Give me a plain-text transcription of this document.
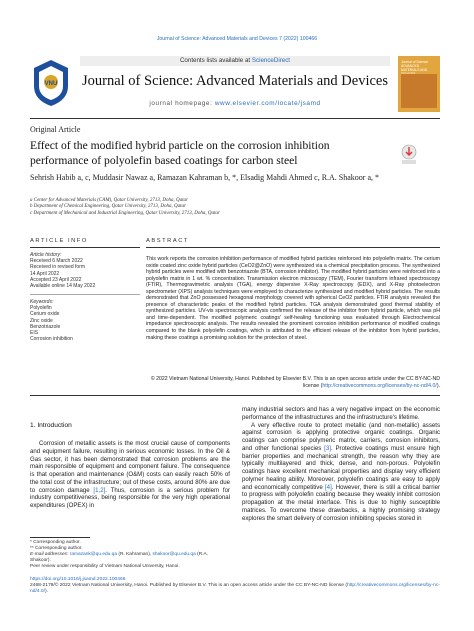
Journal of Science: Advanced Materials and Devices 7 (2022) 100466
VNU
Contents lists available at ScienceDirect
Journal of Science: Advanced Materials and Devices
journal homepage: www.elsevier.com/locate/jsamd
Journal of Science ADVANCED MATERIALS AND
Original Article
Effect of the modified hybrid particle on the corrosion inhibition performance of polyolefin based coatings for carbon steel
Sehrish Habib a, c, Muddasir Nawaz a, Ramazan Kahraman b, *, Elsadig Mahdi Ahmed c, R.A. Shakoor a, *
a Center for Advanced Materials (CAM), Qatar University, 2713, Doha, Qatar
b Department of Chemical Engineering, Qatar University, 2713, Doha, Qatar
c Department of Mechanical and Industrial Engineering, Qatar University, 2713, Doha, Qatar
ARTICLE INFO
Article history:
Received 6 March 2022
Received in revised form
14 April 2022
Accepted 23 April 2022
Available online 14 May 2022
Keywords:
Polyolefin
Cerium oxide
Zinc oxide
Benzotriazole
EIS
Corrosion inhibition
ABSTRACT
This work reports the corrosion inhibition performance of modified hybrid particles reinforced into polyolefin matrix. The cerium oxide coated zinc oxide hybrid particles (CeO2@ZnO) were synthesized via a chemical precipitation process. The synthesized hybrid particles were modified with benzotriazole (BTA, corrosion inhibitor). The modified hybrid particles were reinforced into a polyolefin matrix in 1 wt. % concentration. Transmission electron microscopy (TEM), Fourier transform infrared spectroscopy (FTIR), Thermogravimetric analysis (TGA), energy dispersive X-Ray spectroscopy (EDX), and X-Ray photoelectron spectrometer (XPS) analysis techniques were employed to characterize synthesized and modified hybrid particles. The results demonstrated that ZnO possessed hexagonal morphology covered with spherical CeO2 particles. FTIR analysis revealed the presence of characteristic peaks of the modified hybrid particles. TGA analysis demonstrated good thermal stability of synthesized particles. UV-vis spectroscopic analysis confirmed the release of the inhibitor from hybrid particle, which was pH and time-dependent. The modified polymeric coatings' self-healing functioning was evaluated through Electrochemical impedance spectroscopic analysis. The results revealed the prominent corrosion inhibition performance of modified coatings compared to the blank polyolefin coatings, which is attributed to the efficient release of the inhibitor from hybrid particles, making these coatings a promising solution for the protection of steel.
© 2022 Vietnam National University, Hanoi. Published by Elsevier B.V. This is an open access article under the CC BY-NC-ND license (http://creativecommons.org/licenses/by-nc-nd/4.0/).
1. Introduction

Corrosion of metallic assets is the most crucial cause of components and equipment failure, resulting in serious economic losses. In the Oil & Gas sector, it has been demonstrated that corrosion problems are the main responsible of equipment and component failure. The consequence is that operation and maintenance (O&M) costs can easily reach 50% of the total cost of the infrastructure; out of these costs, around 80% are due to corrosion damage [1,2]. Thus, corrosion is a serious problem for industry competitiveness, being responsible for the very high operational expenditures (OPEX) in

many industrial sectors and has a very negative impact on the economic performance of the infrastructures and the infrastructure's lifetime.

A very effective route to protect metallic (and non-metallic) assets against corrosion is applying protective organic coatings. Organic coatings can comprise polymeric matrix, carriers, corrosion inhibitors, and other functional species [3]. Protective coatings must ensure high barrier properties and mechanical strength, the reason why they are typically multilayered and thick, dense, and non-porous. Polyolefin coatings have excellent mechanical properties and display very efficient polymer healing ability. Moreover, polyolefin coatings are easy to apply and economically competitive [4]. However, there is still a critical barrier to progress with polyolefin coating because they weakly inhibit corrosion propagation at the metal interface. This is due to highly susceptible matrices. To overcome these drawbacks, a highly promising strategy explores the smart delivery of corrosion inhibiting species stored in

* Corresponding author.
** Corresponding author.
E-mail addresses: ramazank@qu.edu.qa (R. Kahraman), shakoor@qu.edu.qa (R.A. Shakoor).
Peer review under responsibility of Vietnam National University, Hanoi.
https://doi.org/10.1016/j.jsamd.2022.100466
2468-2179/© 2022 Vietnam National University, Hanoi. Published by Elsevier B.V. This is an open access article under the CC BY-NC-ND license (http://creativecommons.org/licenses/by-nc-nd/4.0/).
